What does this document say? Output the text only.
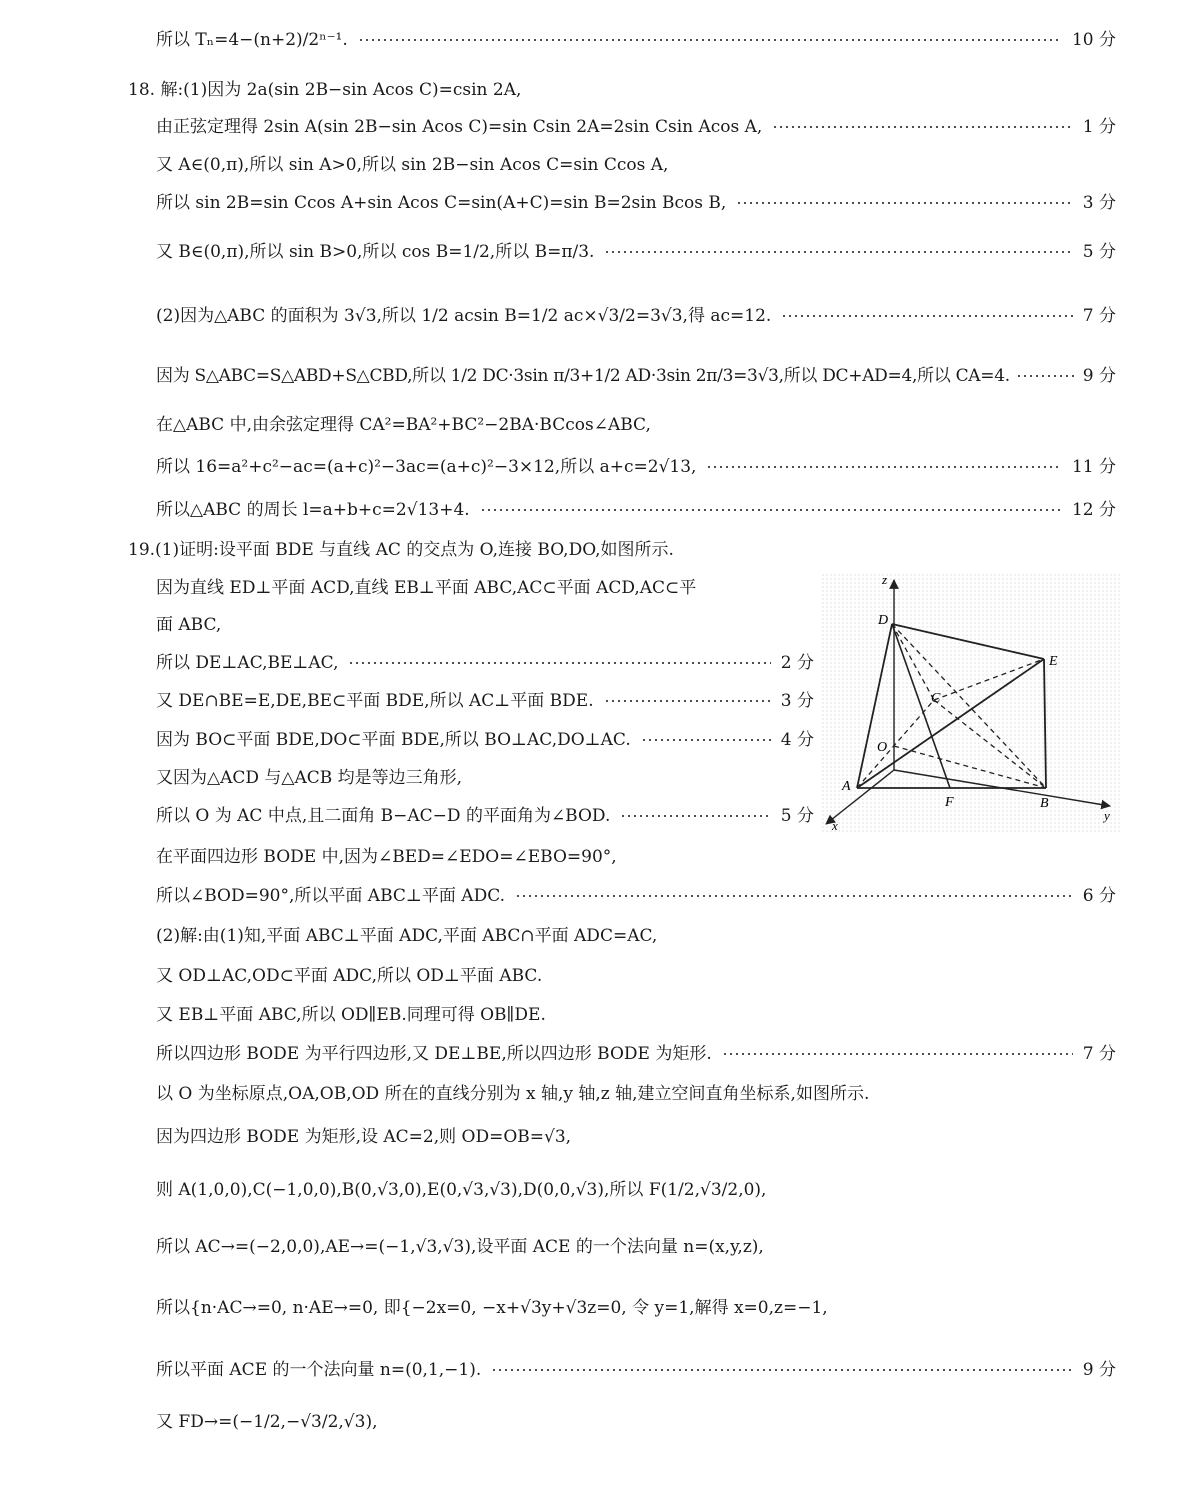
所以 Tₙ=4−(n+2)/2ⁿ⁻¹.	10 分
18. 解:(1)因为 2a(sin 2B−sin Acos C)=csin 2A,
由正弦定理得 2sin A(sin 2B−sin Acos C)=sin Csin 2A=2sin Csin Acos A,	1 分
又 A∈(0,π),所以 sin A>0,所以 sin 2B−sin Acos C=sin Ccos A,
所以 sin 2B=sin Ccos A+sin Acos C=sin(A+C)=sin B=2sin Bcos B,	3 分
又 B∈(0,π),所以 sin B>0,所以 cos B=1/2,所以 B=π/3.	5 分
(2)因为△ABC 的面积为 3√3,所以 1/2 acsin B=1/2 ac×√3/2=3√3,得 ac=12.	7 分
因为 S△ABC=S△ABD+S△CBD,所以 1/2 DC·3sin π/3+1/2 AD·3sin 2π/3=3√3,所以 DC+AD=4,所以 CA=4.	9 分
在△ABC 中,由余弦定理得 CA²=BA²+BC²−2BA·BCcos∠ABC,
所以 16=a²+c²−ac=(a+c)²−3ac=(a+c)²−3×12,所以 a+c=2√13,	11 分
所以△ABC 的周长 l=a+b+c=2√13+4.	12 分
19.(1)证明:设平面 BDE 与直线 AC 的交点为 O,连接 BO,DO,如图所示.
因为直线 ED⊥平面 ACD,直线 EB⊥平面 ABC,AC⊂平面 ACD,AC⊂平
面 ABC,
所以 DE⊥AC,BE⊥AC,	2 分
又 DE∩BE=E,DE,BE⊂平面 BDE,所以 AC⊥平面 BDE.	3 分
因为 BO⊂平面 BDE,DO⊂平面 BDE,所以 BO⊥AC,DO⊥AC.	4 分
又因为△ACD 与△ACB 均是等边三角形,
所以 O 为 AC 中点,且二面角 B−AC−D 的平面角为∠BOD.	5 分
在平面四边形 BODE 中,因为∠BED=∠EDO=∠EBO=90°,
所以∠BOD=90°,所以平面 ABC⊥平面 ADC.	6 分
(2)解:由(1)知,平面 ABC⊥平面 ADC,平面 ABC∩平面 ADC=AC,
又 OD⊥AC,OD⊂平面 ADC,所以 OD⊥平面 ABC.
又 EB⊥平面 ABC,所以 OD∥EB.同理可得 OB∥DE.
所以四边形 BODE 为平行四边形,又 DE⊥BE,所以四边形 BODE 为矩形.	7 分
以 O 为坐标原点,OA,OB,OD 所在的直线分别为 x 轴,y 轴,z 轴,建立空间直角坐标系,如图所示.
因为四边形 BODE 为矩形,设 AC=2,则 OD=OB=√3,
则 A(1,0,0),C(−1,0,0),B(0,√3,0),E(0,√3,√3),D(0,0,√3),所以 F(1/2,√3/2,0),
所以 AC→=(−2,0,0),AE→=(−1,√3,√3),设平面 ACE 的一个法向量 n=(x,y,z),
所以{n·AC→=0, n·AE→=0, 即{−2x=0, −x+√3y+√3z=0, 令 y=1,解得 x=0,z=−1,
所以平面 ACE 的一个法向量 n=(0,1,−1).	9 分
又 FD→=(−1/2,−√3/2,√3),
D
E
C
O
A
F	B
z
y
x
